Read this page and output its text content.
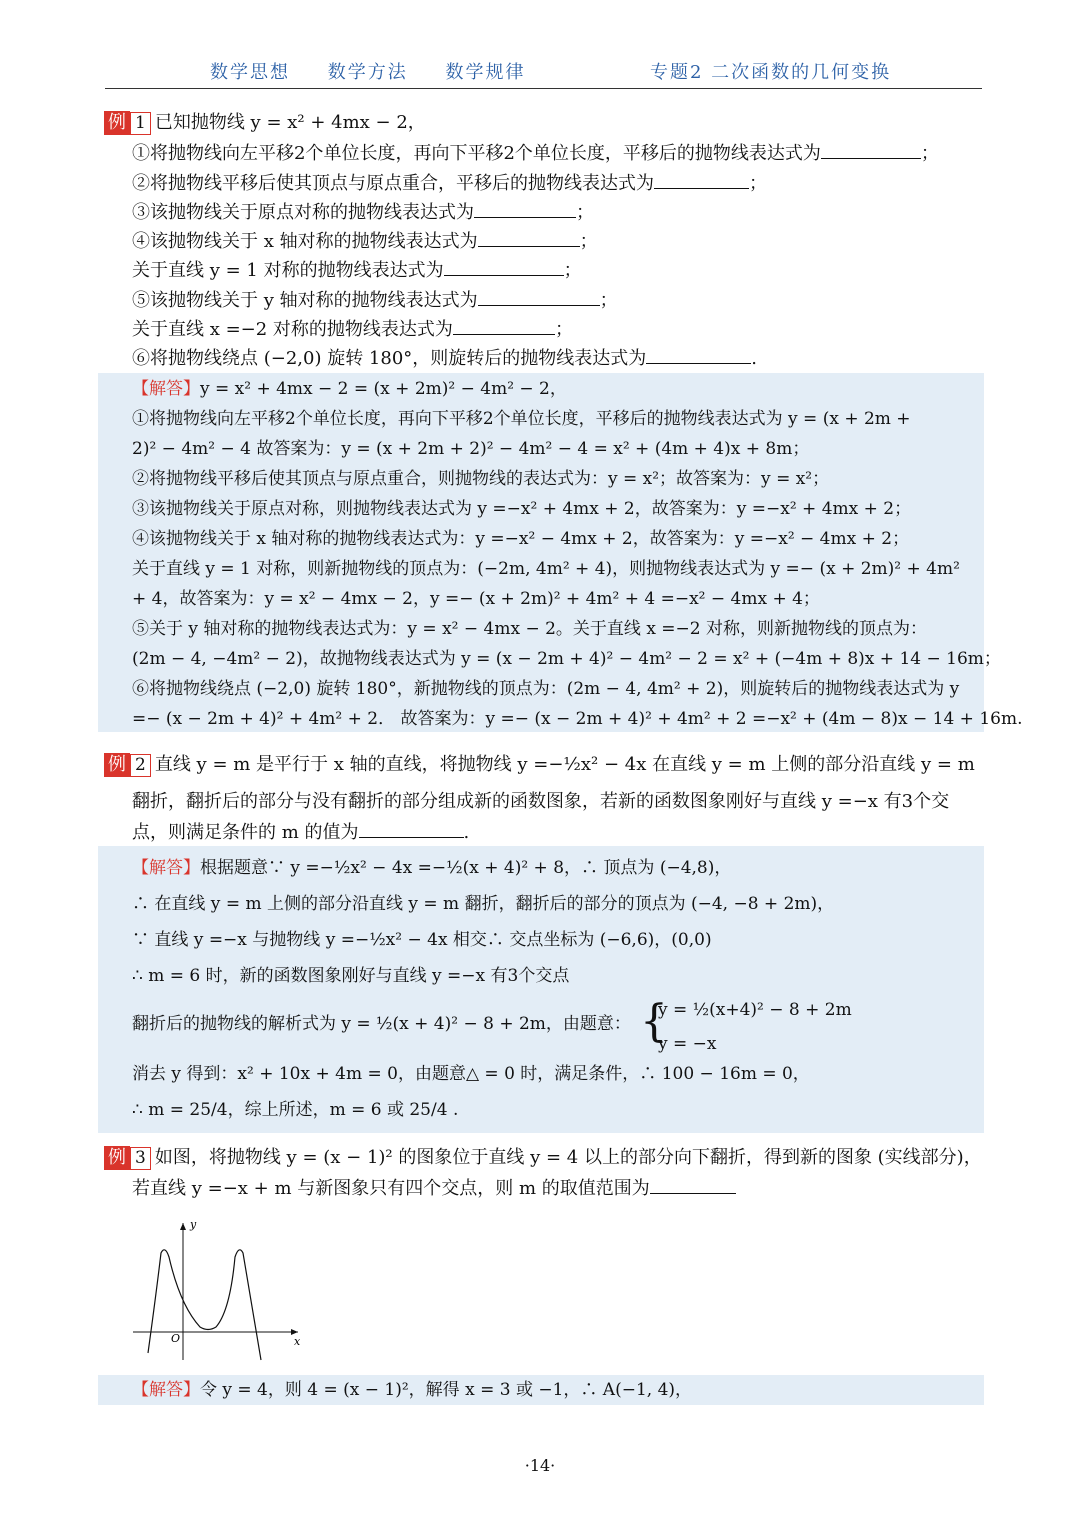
数学思想 数学方法 数学规律	专题2 二次函数的几何变换
例 1 已知抛物线 y = x² + 4mx − 2，
①将抛物线向左平移2个单位长度，再向下平移2个单位长度，平移后的抛物线表达式为	；
②将抛物线平移后使其顶点与原点重合，平移后的抛物线表达式为	；
③该抛物线关于原点对称的抛物线表达式为	；
④该抛物线关于 x 轴对称的抛物线表达式为	；
关于直线 y = 1 对称的抛物线表达式为	；
⑤该抛物线关于 y 轴对称的抛物线表达式为	；
关于直线 x =−2 对称的抛物线表达式为	；
⑥将抛物线绕点 (−2,0) 旋转 180°，则旋转后的抛物线表达式为	.
【解答】y = x² + 4mx − 2 = (x + 2m)² − 4m² − 2，
①将抛物线向左平移2个单位长度，再向下平移2个单位长度，平移后的抛物线表达式为 y = (x + 2m +
2)² − 4m² − 4 故答案为：y = (x + 2m + 2)² − 4m² − 4 = x² + (4m + 4)x + 8m；
②将抛物线平移后使其顶点与原点重合，则抛物线的表达式为：y = x²；故答案为：y = x²；
③该抛物线关于原点对称，则抛物线表达式为 y =−x² + 4mx + 2，故答案为：y =−x² + 4mx + 2；
④该抛物线关于 x 轴对称的抛物线表达式为：y =−x² − 4mx + 2，故答案为：y =−x² − 4mx + 2；
关于直线 y = 1 对称，则新抛物线的顶点为：(−2m, 4m² + 4)，则抛物线表达式为 y =− (x + 2m)² + 4m²
+ 4，故答案为：y = x² − 4mx − 2，y =− (x + 2m)² + 4m² + 4 =−x² − 4mx + 4；
⑤关于 y 轴对称的抛物线表达式为：y = x² − 4mx − 2。关于直线 x =−2 对称，则新抛物线的顶点为：
(2m − 4, −4m² − 2)，故抛物线表达式为 y = (x − 2m + 4)² − 4m² − 2 = x² + (−4m + 8)x + 14 − 16m；
⑥将抛物线绕点 (−2,0) 旋转 180°，新抛物线的顶点为：(2m − 4, 4m² + 2)，则旋转后的抛物线表达式为 y
=− (x − 2m + 4)² + 4m² + 2． 故答案为：y =− (x − 2m + 4)² + 4m² + 2 =−x² + (4m − 8)x − 14 + 16m.
例 2 直线 y = m 是平行于 x 轴的直线，将抛物线 y =−½x² − 4x 在直线 y = m 上侧的部分沿直线 y = m
翻折，翻折后的部分与没有翻折的部分组成新的函数图象，若新的函数图象刚好与直线 y =−x 有3个交
点，则满足条件的 m 的值为	.
【解答】根据题意∵ y =−½x² − 4x =−½(x + 4)² + 8，∴ 顶点为 (−4,8)，
∴ 在直线 y = m 上侧的部分沿直线 y = m 翻折，翻折后的部分的顶点为 (−4, −8 + 2m)，
∵ 直线 y =−x 与抛物线 y =−½x² − 4x 相交∴ 交点坐标为 (−6,6)，(0,0)
∴ m = 6 时，新的函数图象刚好与直线 y =−x 有3个交点
翻折后的抛物线的解析式为 y = ½(x + 4)² − 8 + 2m，由题意： {
y = ½(x+4)² − 8 + 2m
y = −x
消去 y 得到：x² + 10x + 4m = 0，由题意△ = 0 时，满足条件，∴ 100 − 16m = 0，
∴ m = 25/4，综上所述，m = 6 或 25/4 .
例 3 如图，将抛物线 y = (x − 1)² 的图象位于直线 y = 4 以上的部分向下翻折，得到新的图象 (实线部分)，
若直线 y =−x + m 与新图象只有四个交点，则 m 的取值范围为
y
x
O
【解答】令 y = 4，则 4 = (x − 1)²，解得 x = 3 或 −1，∴ A(−1, 4)，
·14·
